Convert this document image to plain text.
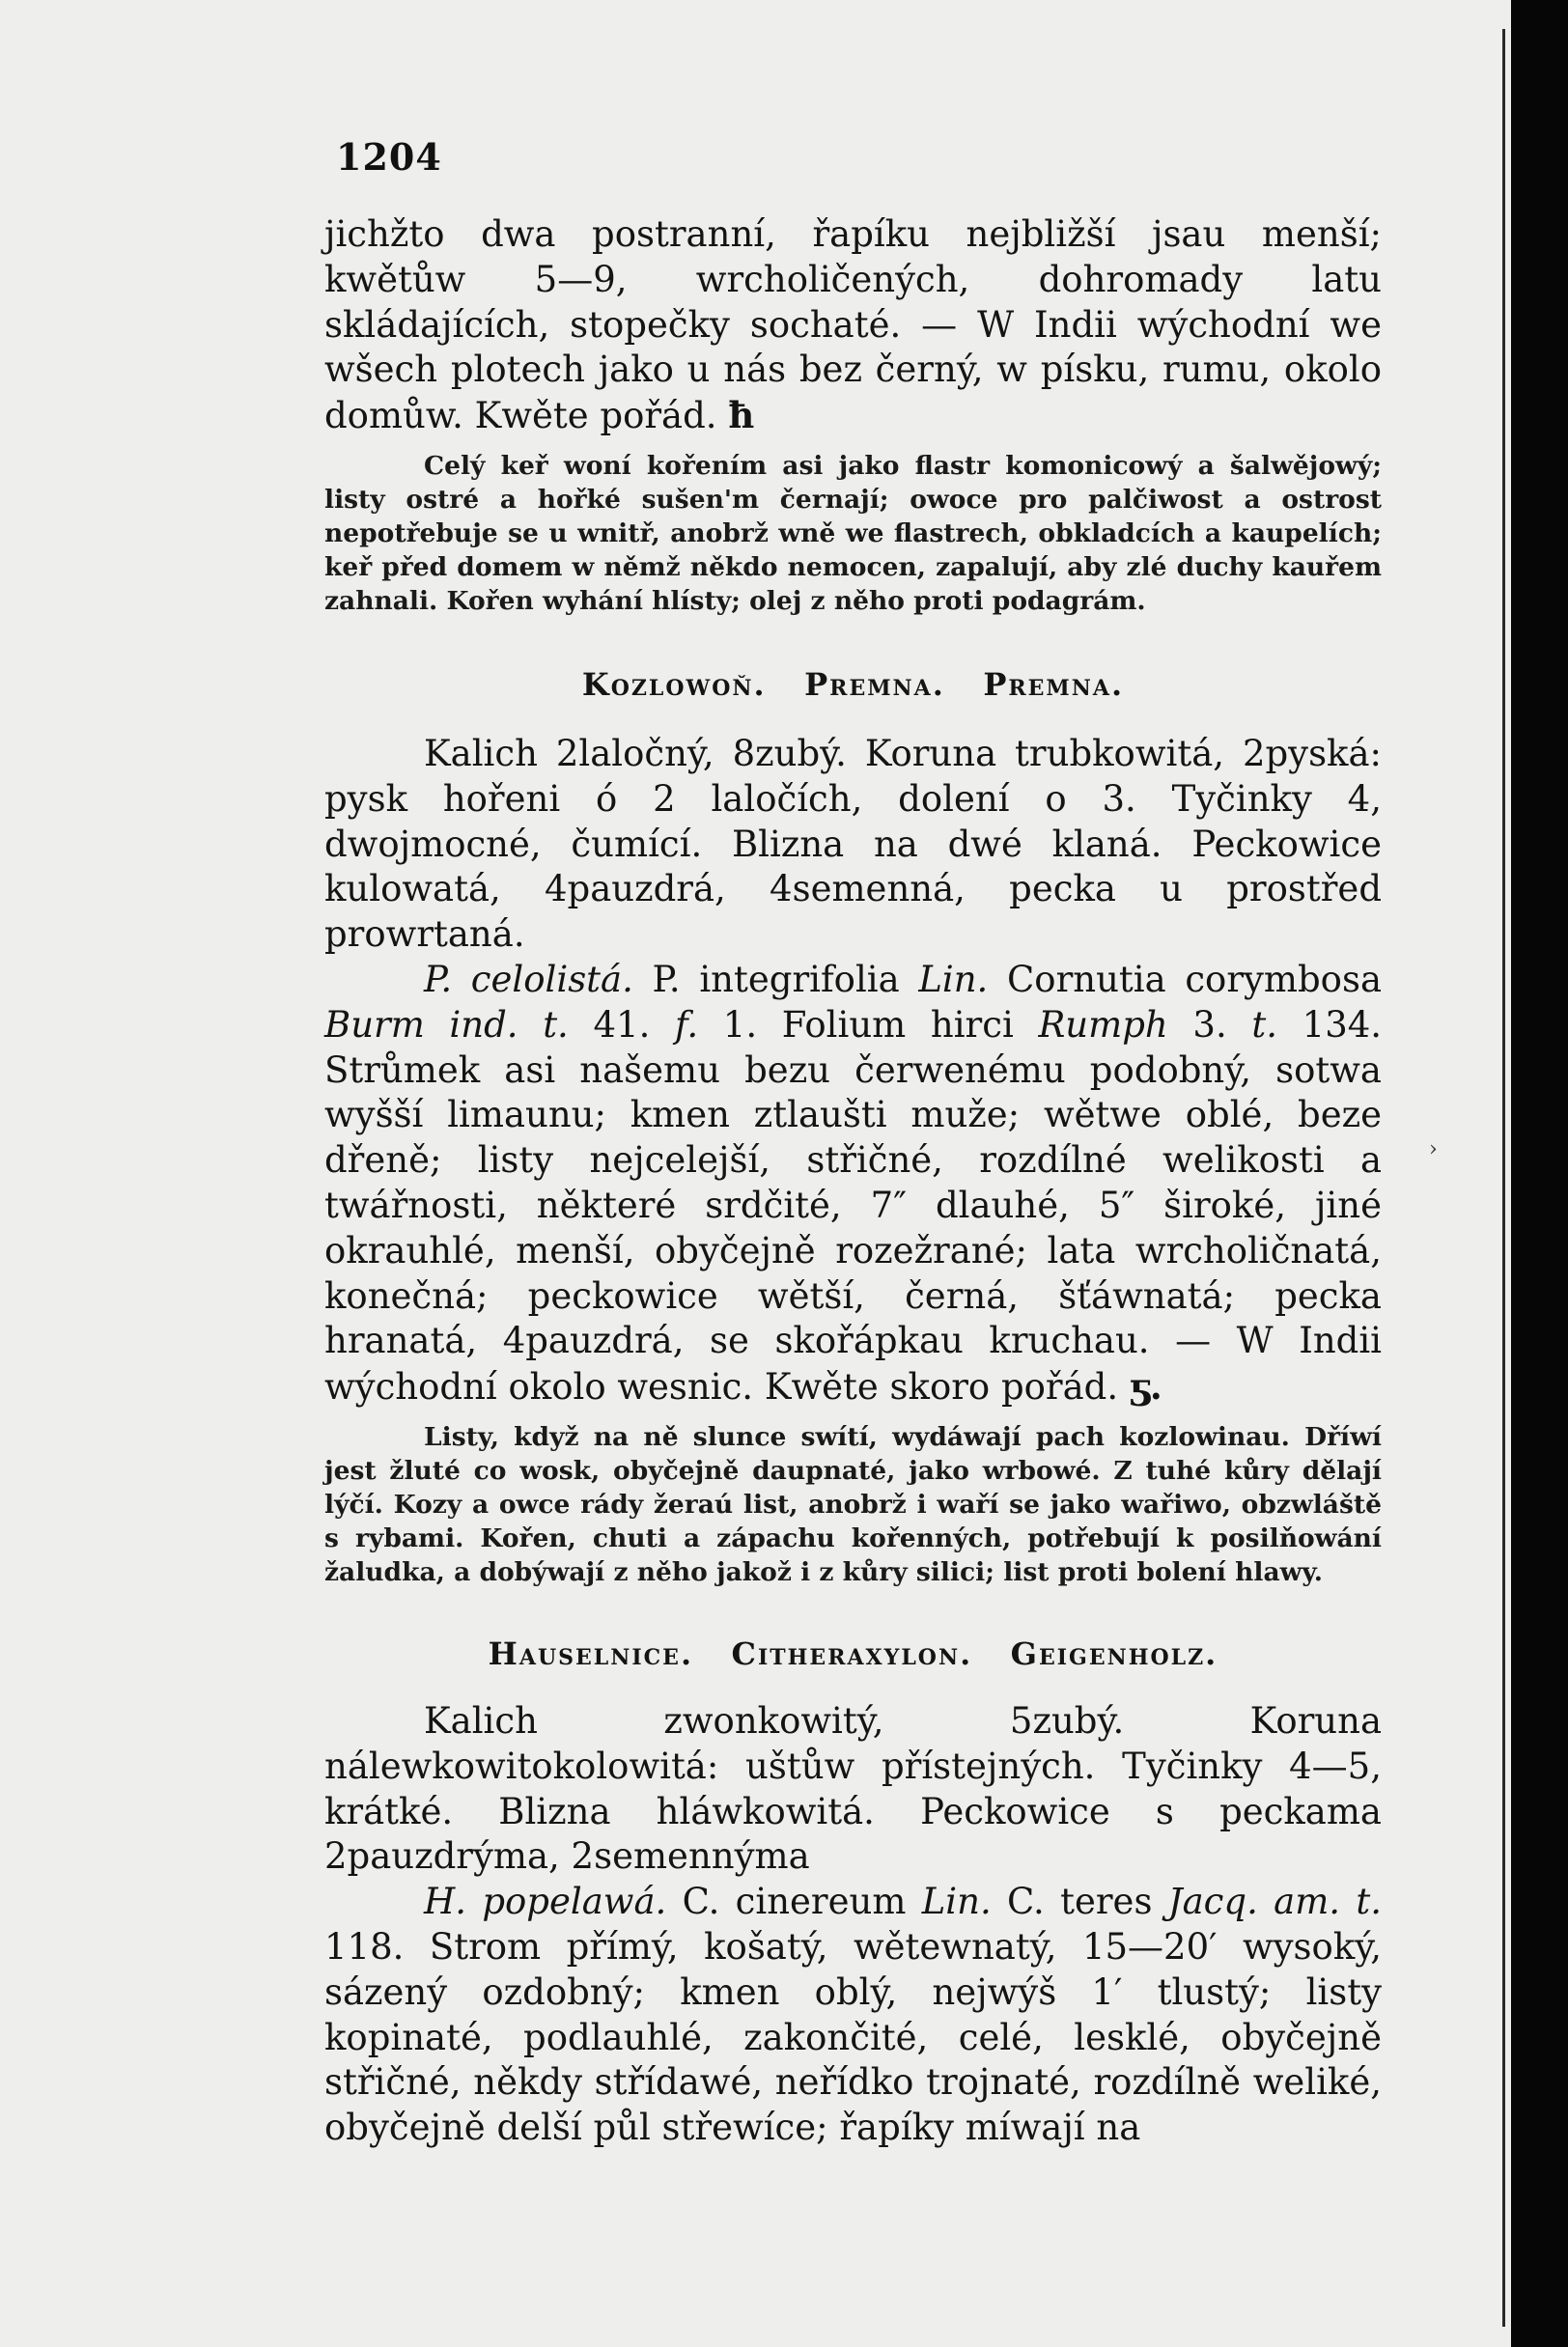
1204

jichžto dwa postranní, řapíku nejbližší jsau menší; kwětůw 5—9, wrcholičených, dohromady latu skládajících, stopečky sochaté. — W Indii wýchodní we wšech plotech jako u nás bez černý, w písku, rumu, okolo domůw. Kwěte pořád. ħ

Celý keř woní kořením asi jako flastr komonicowý a šalwějowý; listy ostré a hořké sušen'm černají; owoce pro palčiwost a ostrost nepotřebuje se u wnitř, anobrž wně we flastrech, obkladcích a kaupelích; keř před domem w němž někdo nemocen, zapalují, aby zlé duchy kauřem zahnali. Kořen wyhání hlísty; olej z něho proti podagrám.

Kozlowoň. Premna. Premna.

Kalich 2laločný, 8zubý. Koruna trubkowitá, 2pyská: pysk hořeni ó 2 laločích, dolení o 3. Tyčinky 4, dwojmocné, čumící. Blizna na dwé klaná. Peckowice kulowatá, 4pauzdrá, 4semenná, pecka u prostřed prowrtaná.

P. celolistá. P. integrifolia Lin. Cornutia corymbosa Burm ind. t. 41. f. 1. Folium hirci Rumph 3. t. 134. Strůmek asi našemu bezu čerwenému podobný, sotwa wyšší limaunu; kmen ztlaušti muže; wětwe oblé, beze dřeně; listy nejcelejší, střičné, rozdílné welikosti a twářnosti, některé srdčité, 7″ dlauhé, 5″ široké, jiné okrauhlé, menší, obyčejně rozežrané; lata wrcholičnatá, konečná; peckowice wětší, černá, šťáwnatá; pecka hranatá, 4pauzdrá, se skořápkau kruchau. — W Indii wýchodní okolo wesnic. Kwěte skoro pořád. ƽ.

Listy, když na ně slunce swítí, wydáwají pach kozlowinau. Dříwí jest žluté co wosk, obyčejně daupnaté, jako wrbowé. Z tuhé kůry dělají lýčí. Kozy a owce rády žeraú list, anobrž i waří se jako wařiwo, obzwláště s rybami. Kořen, chuti a zápachu kořenných, potřebují k posilňowání žaludka, a dobýwají z něho jakož i z kůry silici; list proti bolení hlawy.

Hauselnice. Citheraxylon. Geigenholz.

Kalich zwonkowitý, 5zubý. Koruna nálewkowitokolowitá: uštůw přístejných. Tyčinky 4—5, krátké. Blizna hláwkowitá. Peckowice s peckama 2pauzdrýma, 2semennýma

H. popelawá. C. cinereum Lin. C. teres Jacq. am. t. 118. Strom přímý, košatý, wětewnatý, 15—20′ wysoký, sázený ozdobný; kmen oblý, nejwýš 1′ tlustý; listy kopinaté, podlauhlé, zakončité, celé, lesklé, obyčejně střičné, někdy střídawé, neřídko trojnaté, rozdílně weliké, obyčejně delší půl střewíce; řapíky míwají na

›
